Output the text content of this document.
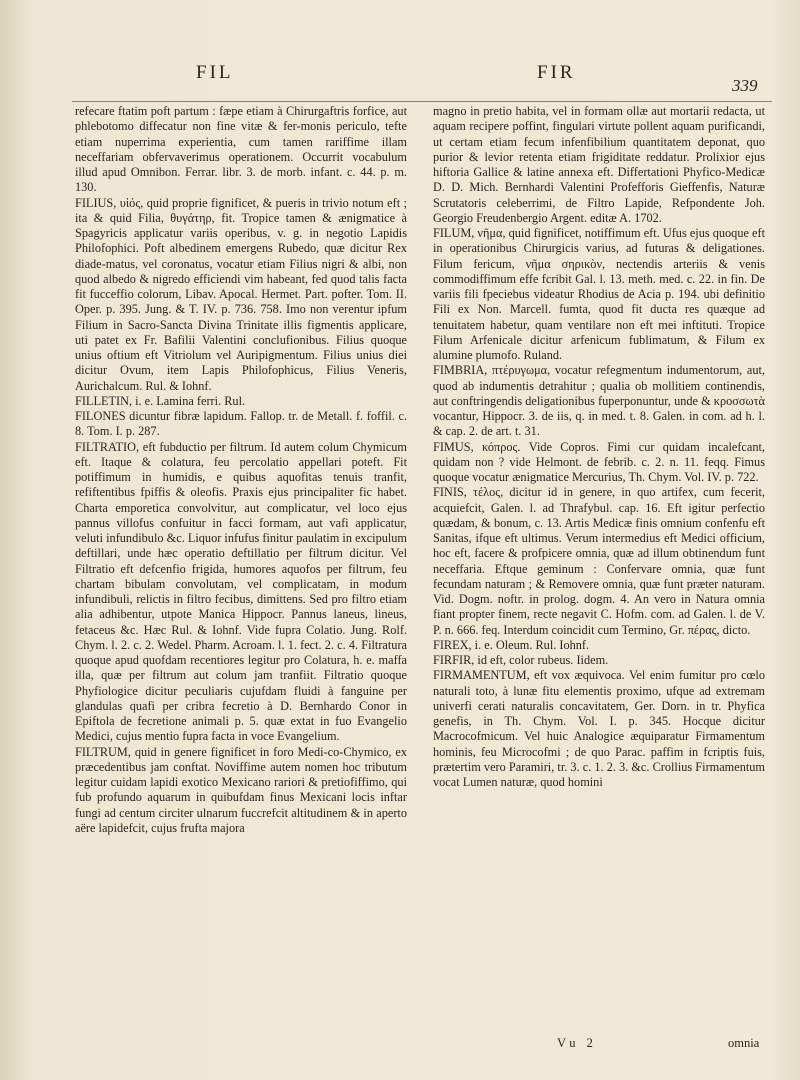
FIL	FIR
339

refecare ftatim poft partum : fæpe etiam à Chirurgaftris forfice, aut phlebotomo diffecatur non fine vitæ & fer-monis periculo, tefte etiam nuperrima experientia, cum tamen rariffime illam neceffariam obfervaverimus operationem. Occurrit vocabulum illud apud Omnibon. Ferrar. libr. 3. de morb. infant. c. 44. p. m. 130.

FILIUS, υἱός, quid proprie fignificet, & pueris in trivio notum eft ; ita & quid Filia, θυγάτηρ, fit. Tropice tamen & ænigmatice à Spagyricis applicatur variis operibus, v. g. in negotio Lapidis Philofophici. Poft albedinem emergens Rubedo, quæ dicitur Rex diade-matus, vel coronatus, vocatur etiam Filius nigri & albi, non quod albedo & nigredo efficiendi vim habeant, fed quod talis facta fit fucceffio colorum, Libav. Apocal. Hermet. Part. pofter. Tom. II. Oper. p. 395. Jung. & T. IV. p. 736. 758. Imo non verentur ipfum Filium in Sacro-Sancta Divina Trinitate illis figmentis applicare, uti patet ex Fr. Bafilii Valentini conclufionibus. Filius quoque unius oftium eft Vitriolum vel Auripigmentum. Filius unius diei dicitur Ovum, item Lapis Philofophicus, Filius Veneris, Aurichalcum. Rul. & Iohnf.

FILLETIN, i. e. Lamina ferri. Rul.

FILONES dicuntur fibræ lapidum. Fallop. tr. de Metall. f. foffil. c. 8. Tom. I. p. 287.

FILTRATIO, eft fubductio per filtrum. Id autem colum Chymicum eft. Itaque & colatura, feu percolatio appellari poteft. Fit potiffimum in humidis, e quibus aquofitas tenuis tranfit, refiftentibus fpiffis & oleofis. Praxis ejus principaliter fic habet. Charta emporetica convolvitur, aut complicatur, vel loco ejus pannus villofus confuitur in facci formam, aut vafi applicatur, veluti infundibulo &c. Liquor infufus finitur paulatim in excipulum deftillari, unde hæc operatio deftillatio per filtrum dicitur. Vel Filtratio eft defcenfio frigida, humores aquofos per filtrum, feu chartam bibulam convolutam, vel complicatam, in modum infundibuli, relictis in filtro fecibus, dimittens. Sed pro filtro etiam alia adhibentur, utpote Manica Hippocr. Pannus laneus, lineus, fetaceus &c. Hæc Rul. & Iohnf. Vide fupra Colatio. Jung. Rolf. Chym. l. 2. c. 2. Wedel. Pharm. Acroam. l. 1. fect. 2. c. 4. Filtratura quoque apud quofdam recentiores legitur pro Colatura, h. e. maffa illa, quæ per filtrum aut colum jam tranfiit. Filtratio quoque Phyfiologice dicitur peculiaris cujufdam fluidi à fanguine per glandulas quafi per cribra fecretio à D. Bernhardo Conor in Epiftola de fecretione animali p. 5. quæ extat in fuo Evangelio Medici, cujus mentio fupra facta in voce Evangelium.

FILTRUM, quid in genere fignificet in foro Medi-co-Chymico, ex præcedentibus jam conftat. Noviffime autem nomen hoc tributum legitur cuidam lapidi exotico Mexicano rariori & pretiofiffimo, qui fub profundo aquarum in quibufdam finus Mexicani locis inftar fungi ad centum circiter ulnarum fuccrefcit altitudinem & in aperto aëre lapidefcit, cujus frufta majora

magno in pretio habita, vel in formam ollæ aut mortarii redacta, ut aquam recipere poffint, fingulari virtute pollent aquam purificandi, ut certam etiam fecum infenfibilium quantitatem deponat, quo purior & levior retenta etiam frigiditate reddatur. Prolixior ejus hiftoria Gallice & latine annexa eft. Differtationi Phyfico-Medicæ D. D. Mich. Bernhardi Valentini Profefforis Gieffenfis, Naturæ Scrutatoris celeberrimi, de Filtro Lapide, Refpondente Joh. Georgio Freudenbergio Argent. editæ A. 1702.

FILUM, νῆμα, quid fignificet, notiffimum eft. Ufus ejus quoque eft in operationibus Chirurgicis varius, ad futuras & deligationes. Filum fericum, νῆμα σηρικὸν, nectendis arteriis & venis commodiffimum effe fcribit Gal. l. 13. meth. med. c. 22. in fin. De variis fili fpeciebus videatur Rhodius de Acia p. 194. ubi definitio Fili ex Non. Marcell. fumta, quod fit ducta res quæque ad tenuitatem habetur, quam ventilare non eft mei inftituti. Tropice Filum Arfenicale dicitur arfenicum fublimatum, & Filum ex alumine plumofo. Ruland.

FIMBRIA, πτέρυγωμα, vocatur refegmentum indumentorum, aut, quod ab indumentis detrahitur ; qualia ob mollitiem continendis, aut conftringendis deligationibus fuperponuntur, unde & κροσσωτὰ vocantur, Hippocr. 3. de iis, q. in med. t. 8. Galen. in com. ad h. l. & cap. 2. de art. t. 31.

FIMUS, κόπρος. Vide Copros. Fimi cur quidam incalefcant, quidam non ? vide Helmont. de febrib. c. 2. n. 11. feqq. Fimus quoque vocatur ænigmatice Mercurius, Th. Chym. Vol. IV. p. 722.

FINIS, τέλος, dicitur id in genere, in quo artifex, cum fecerit, acquiefcit, Galen. l. ad Thrafybul. cap. 16. Eft igitur perfectio quædam, & bonum, c. 13. Artis Medicæ finis omnium confenfu eft Sanitas, ifque eft ultimus. Verum intermedius eft Medici officium, hoc eft, facere & profpicere omnia, quæ ad illum obtinendum funt neceffaria. Eftque geminum : Confervare omnia, quæ funt fecundam naturam ; & Removere omnia, quæ funt præter naturam. Vid. Dogm. noftr. in prolog. dogm. 4. An vero in Natura omnia fiant propter finem, recte negavit C. Hofm. com. ad Galen. l. de V. P. n. 666. feq. Interdum coincidit cum Termino, Gr. πέρας, dicto.

FIREX, i. e. Oleum. Rul. Iohnf.

FIRFIR, id eft, color rubeus. Iidem.

FIRMAMENTUM, eft vox æquivoca. Vel enim fumitur pro cœlo naturali toto, à lunæ fitu elementis proximo, ufque ad extremam univerfi cerati naturalis concavitatem, Ger. Dorn. in tr. Phyfica genefis, in Th. Chym. Vol. I. p. 345. Hocque dicitur Macrocofmicum. Vel huic Analogice æquiparatur Firmamentum hominis, feu Microcofmi ; de quo Parac. paffim in fcriptis fuis, prætertim vero Paramiri, tr. 3. c. 1. 2. 3. &c. Crollius Firmamentum vocat Lumen naturæ, quod homini

Vu 2	omnia
